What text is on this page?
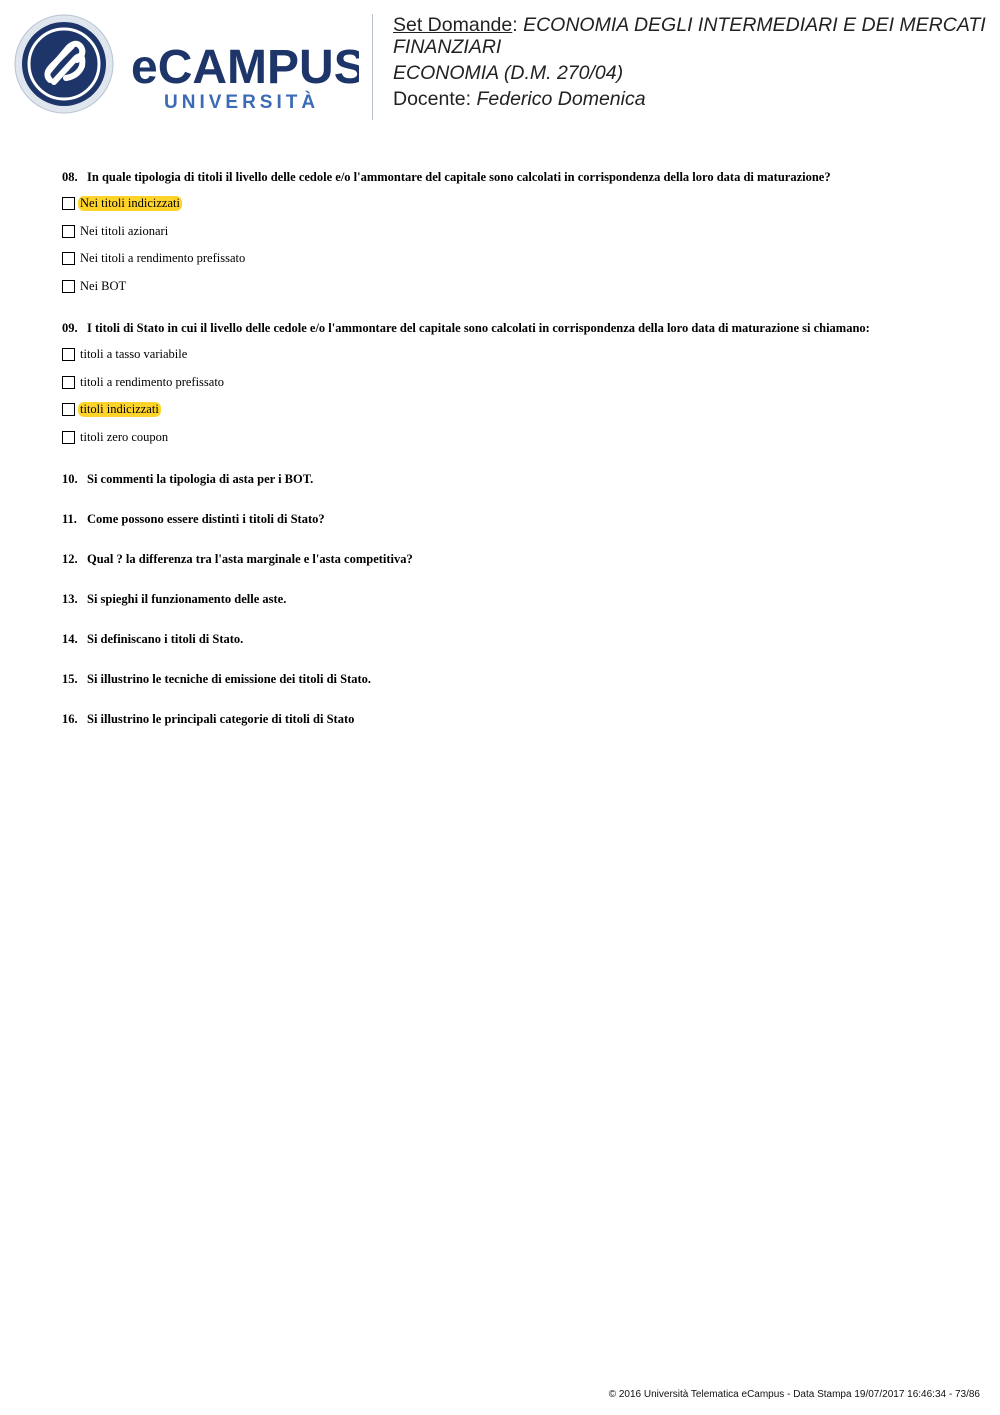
eCAMPUS
UNIVERSITÀ

Set Domande: ECONOMIA DEGLI INTERMEDIARI E DEI MERCATI FINANZIARI

ECONOMIA (D.M. 270/04)

Docente: Federico Domenica

08. In quale tipologia di titoli il livello delle cedole e/o l'ammontare del capitale sono calcolati in corrispondenza della loro data di maturazione?
Nei titoli indicizzati
Nei titoli azionari
Nei titoli a rendimento prefissato
Nei BOT
09. I titoli di Stato in cui il livello delle cedole e/o l'ammontare del capitale sono calcolati in corrispondenza della loro data di maturazione si chiamano:
titoli a tasso variabile
titoli a rendimento prefissato
titoli indicizzati
titoli zero coupon
10. Si commenti la tipologia di asta per i BOT.
11. Come possono essere distinti i titoli di Stato?
12. Qual ? la differenza tra l'asta marginale e l'asta competitiva?
13. Si spieghi il funzionamento delle aste.
14. Si definiscano i titoli di Stato.
15. Si illustrino le tecniche di emissione dei titoli di Stato.
16. Si illustrino le principali categorie di titoli di Stato
© 2016 Università Telematica eCampus - Data Stampa 19/07/2017 16:46:34 - 73/86
